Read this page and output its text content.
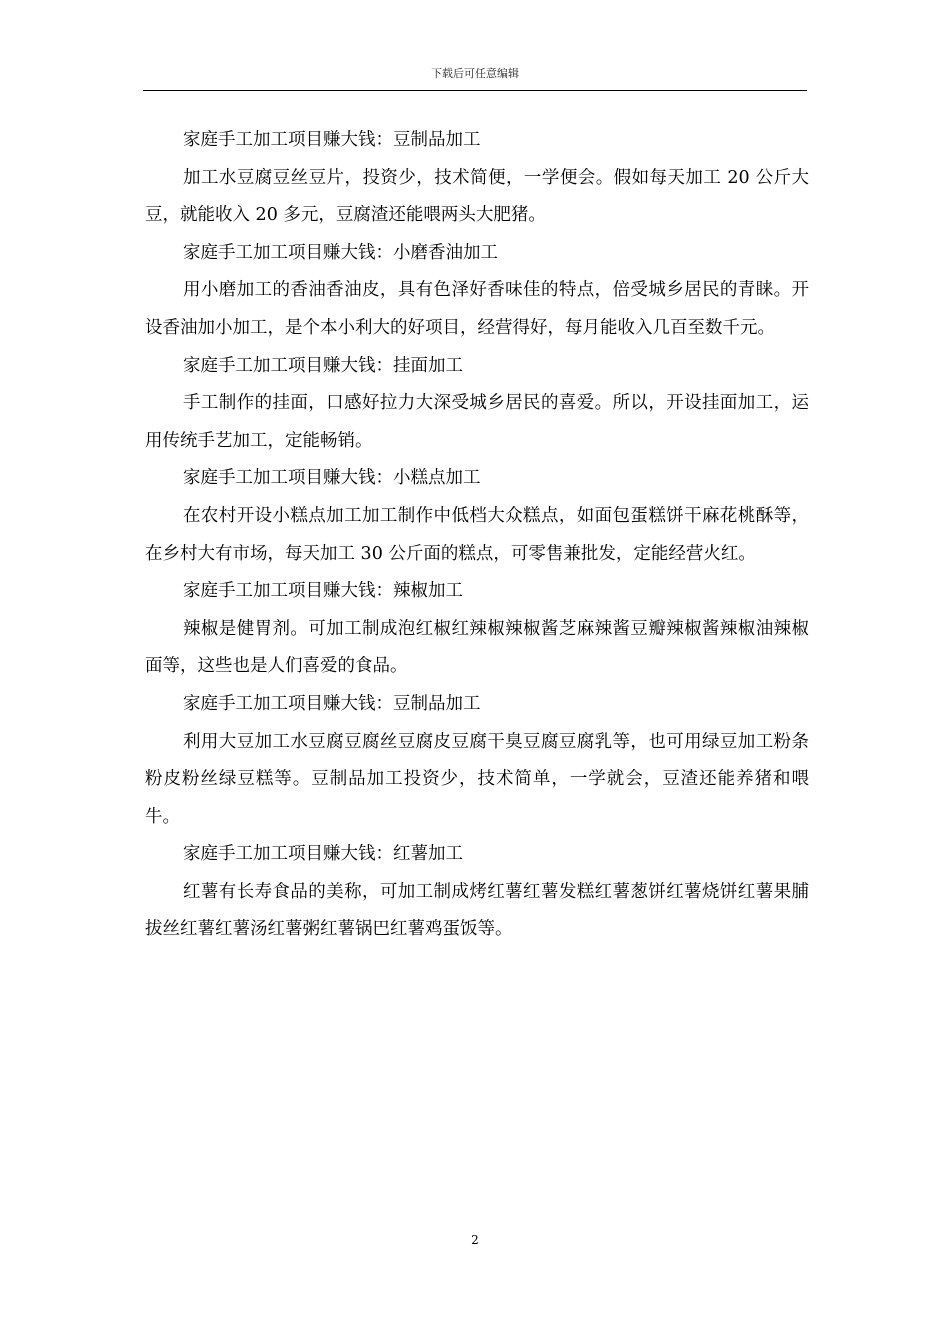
下载后可任意编辑

家庭手工加工项目赚大钱：豆制品加工

加工水豆腐豆丝豆片，投资少，技术简便，一学便会。假如每天加工 20 公斤大豆，就能收入 20 多元，豆腐渣还能喂两头大肥猪。

家庭手工加工项目赚大钱：小磨香油加工

用小磨加工的香油香油皮，具有色泽好香味佳的特点，倍受城乡居民的青睐。开设香油加小加工，是个本小利大的好项目，经营得好，每月能收入几百至数千元。

家庭手工加工项目赚大钱：挂面加工

手工制作的挂面，口感好拉力大深受城乡居民的喜爱。所以，开设挂面加工，运用传统手艺加工，定能畅销。

家庭手工加工项目赚大钱：小糕点加工

在农村开设小糕点加工加工制作中低档大众糕点，如面包蛋糕饼干麻花桃酥等，在乡村大有市场，每天加工 30 公斤面的糕点，可零售兼批发，定能经营火红。

家庭手工加工项目赚大钱：辣椒加工

辣椒是健胃剂。可加工制成泡红椒红辣椒辣椒酱芝麻辣酱豆瓣辣椒酱辣椒油辣椒面等，这些也是人们喜爱的食品。

家庭手工加工项目赚大钱：豆制品加工

利用大豆加工水豆腐豆腐丝豆腐皮豆腐干臭豆腐豆腐乳等，也可用绿豆加工粉条粉皮粉丝绿豆糕等。豆制品加工投资少，技术简单，一学就会，豆渣还能养猪和喂牛。

家庭手工加工项目赚大钱：红薯加工

红薯有长寿食品的美称，可加工制成烤红薯红薯发糕红薯葱饼红薯烧饼红薯果脯拔丝红薯红薯汤红薯粥红薯锅巴红薯鸡蛋饭等。

2
